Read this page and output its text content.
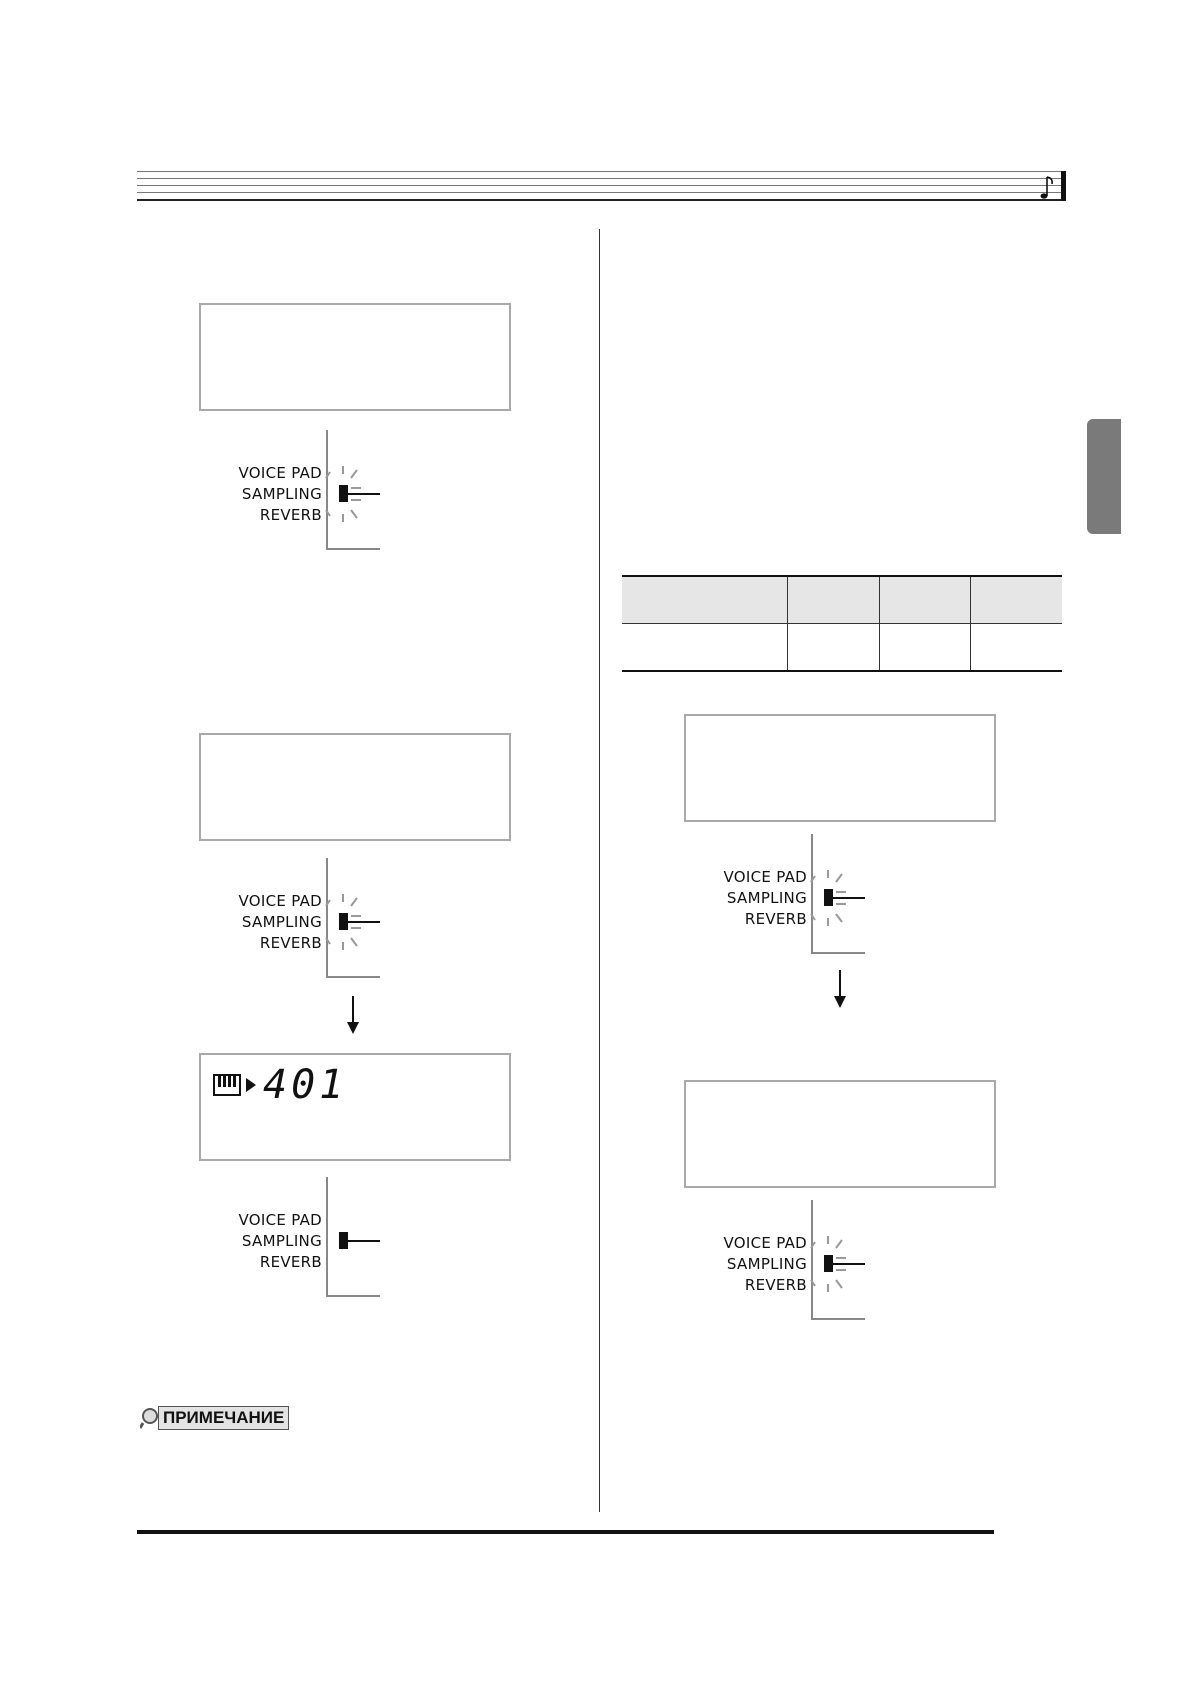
VOICE PAD
SAMPLING
REVERB
VOICE PAD
SAMPLING
REVERB
401
VOICE PAD
SAMPLING
REVERB
ПРИМЕЧАНИЕ

VOICE PAD
SAMPLING
REVERB
VOICE PAD
SAMPLING
REVERB
